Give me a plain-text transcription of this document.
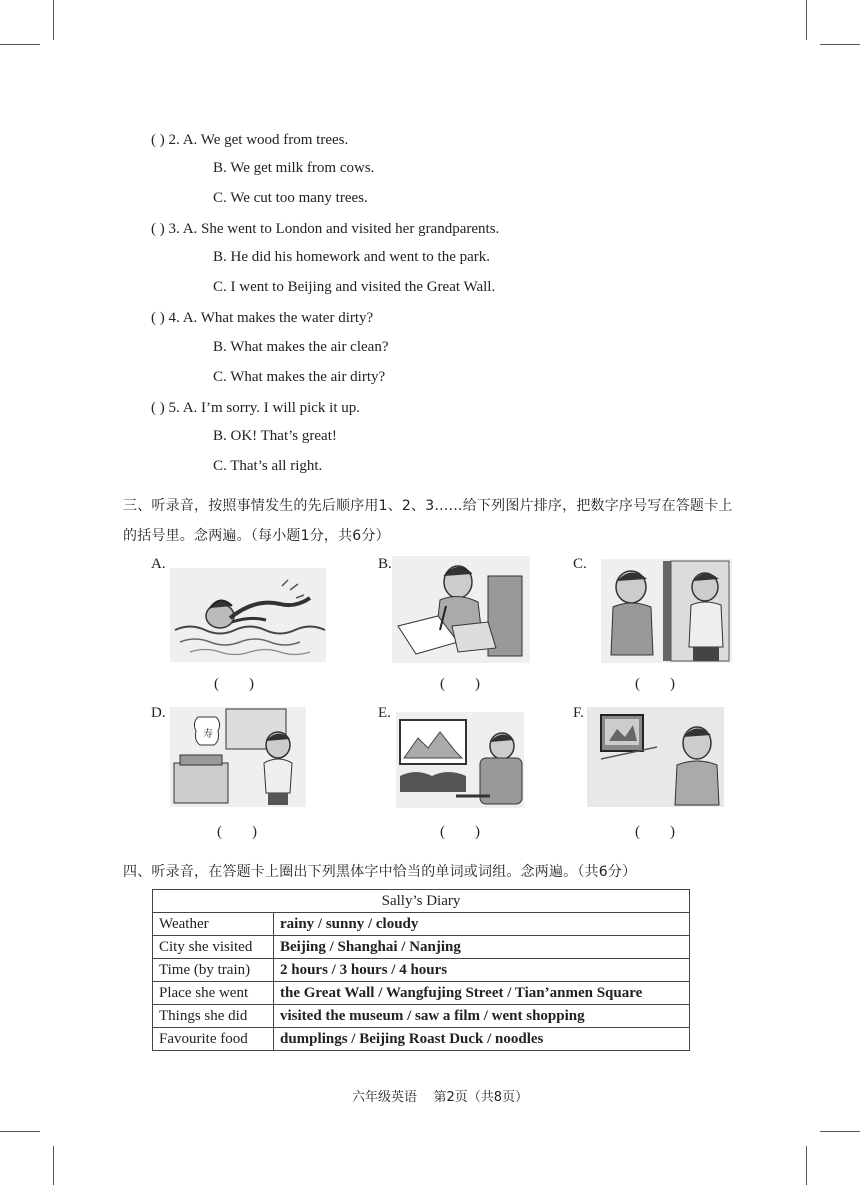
( ) 2. A. We get wood from trees.
B. We get milk from cows.
C. We cut too many trees.
( ) 3. A. She went to London and visited her grandparents.
B. He did his homework and went to the park.
C. I went to Beijing and visited the Great Wall.
( ) 4. A. What makes the water dirty?
B. What makes the air clean?
C. What makes the air dirty?
( ) 5. A. I’m sorry. I will pick it up.
B. OK! That’s great!
C. That’s all right.
三、听录音，按照事情发生的先后顺序用1、2、3……给下列图片排序，把数字序号写在答题卡上
的括号里。念两遍。（每小题1分，共6分）
A.
(        )
B.
(        )
C.
(        )
D.
寿
(        )
E.
(        )
F.
(        )
四、听录音，在答题卡上圈出下列黑体字中恰当的单词或词组。念两遍。（共6分）
Sally’s Diary	
Weather	rainy / sunny / cloudy
City she visited	Beijing / Shanghai / Nanjing
Time (by train)	2 hours / 3 hours / 4 hours
Place she went	the Great Wall / Wangfujing Street / Tian’anmen Square
Things she did	visited the museum / saw a film / went shopping
Favourite food	dumplings / Beijing Roast Duck / noodles
六年级英语    第2页（共8页）
